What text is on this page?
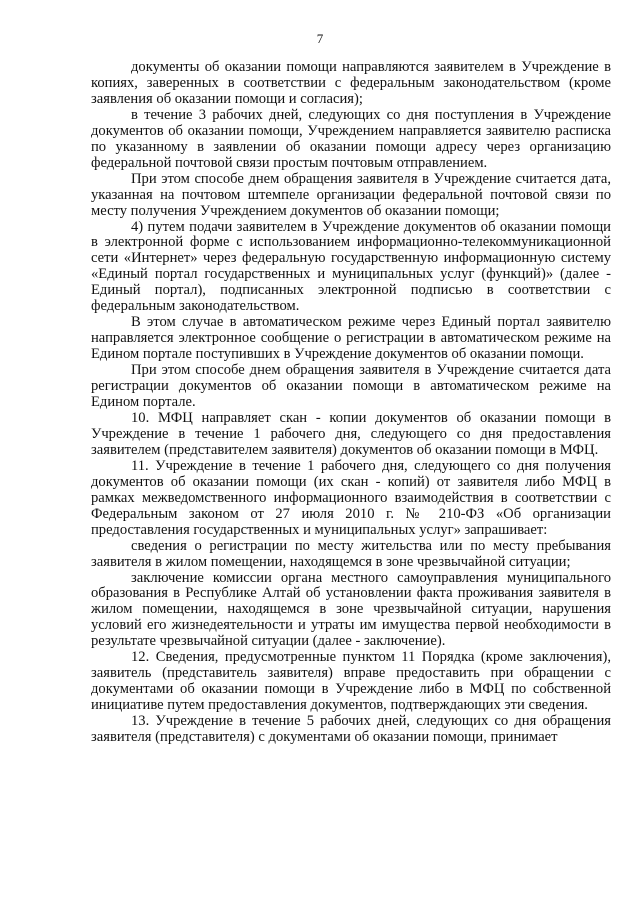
7

документы об оказании помощи направляются заявителем в Учреждение в копиях, заверенных в соответствии с федеральным законодательством (кроме заявления об оказании помощи и согласия);

в течение 3 рабочих дней, следующих со дня поступления в Учреждение документов об оказании помощи, Учреждением направляется заявителю расписка по указанному в заявлении об оказании помощи адресу через организацию федеральной почтовой связи простым почтовым отправлением.

При этом способе днем обращения заявителя в Учреждение считается дата, указанная на почтовом штемпеле организации федеральной почтовой связи по месту получения Учреждением документов об оказании помощи;

4) путем подачи заявителем в Учреждение документов об оказании помощи в электронной форме с использованием информационно-телекоммуникационной сети «Интернет» через федеральную государственную информационную систему «Единый портал государственных и муниципальных услуг (функций)» (далее - Единый портал), подписанных электронной подписью в соответствии с федеральным законодательством.

В этом случае в автоматическом режиме через Единый портал заявителю направляется электронное сообщение о регистрации в автоматическом режиме на Едином портале поступивших в Учреждение документов об оказании помощи.

При этом способе днем обращения заявителя в Учреждение считается дата регистрации документов об оказании помощи в автоматическом режиме на Едином портале.

10. МФЦ направляет скан - копии документов об оказании помощи в Учреждение в течение 1 рабочего дня, следующего со дня предоставления заявителем (представителем заявителя) документов об оказании помощи в МФЦ.

11. Учреждение в течение 1 рабочего дня, следующего со дня получения документов об оказании помощи (их скан - копий) от заявителя либо МФЦ в рамках межведомственного информационного взаимодействия в соответствии с Федеральным законом от 27 июля 2010 г. № 210-ФЗ «Об организации предоставления государственных и муниципальных услуг» запрашивает:

сведения о регистрации по месту жительства или по месту пребывания заявителя в жилом помещении, находящемся в зоне чрезвычайной ситуации;

заключение комиссии органа местного самоуправления муниципального образования в Республике Алтай об установлении факта проживания заявителя в жилом помещении, находящемся в зоне чрезвычайной ситуации, нарушения условий его жизнедеятельности и утраты им имущества первой необходимости в результате чрезвычайной ситуации (далее - заключение).

12. Сведения, предусмотренные пунктом 11 Порядка (кроме заключения), заявитель (представитель заявителя) вправе предоставить при обращении с документами об оказании помощи в Учреждение либо в МФЦ по собственной инициативе путем предоставления документов, подтверждающих эти сведения.

13. Учреждение в течение 5 рабочих дней, следующих со дня обращения заявителя (представителя) с документами об оказании помощи, принимает
